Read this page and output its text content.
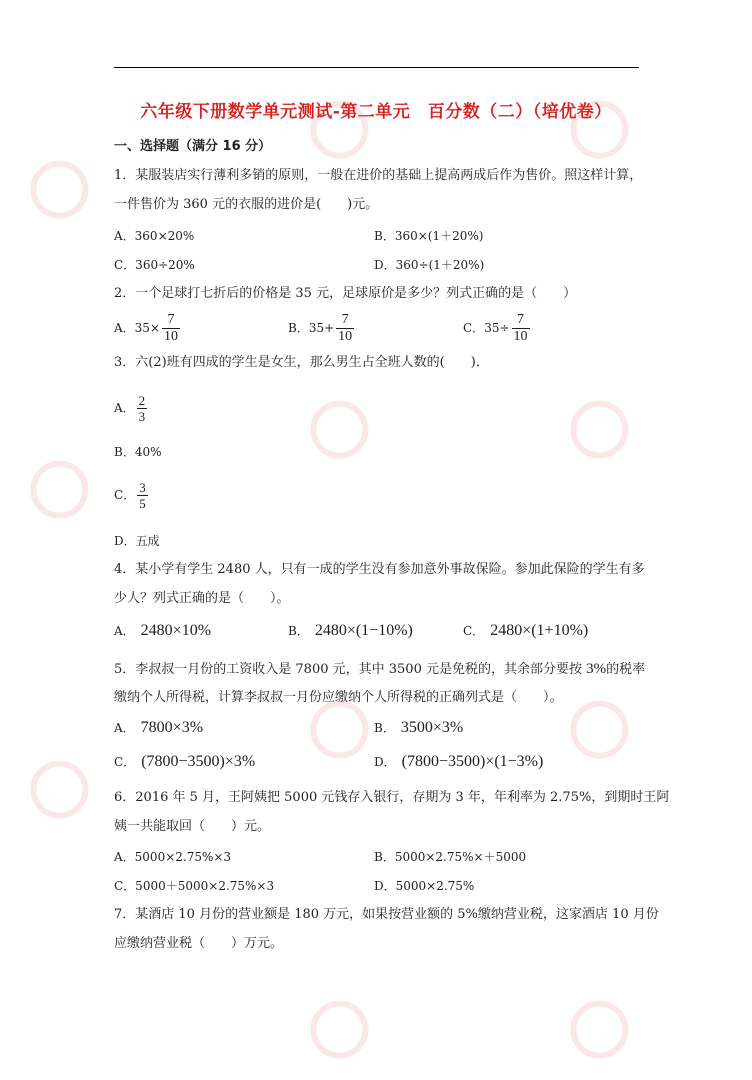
六年级下册数学单元测试-第二单元　百分数（二）（培优卷）
一、选择题（满分 16 分）
1．某服装店实行薄利多销的原则，一般在进价的基础上提高两成后作为售价。照这样计算，
一件售价为 360 元的衣服的进价是(　　)元。
A．360×20%	B．360×(1＋20%)
C．360÷20%	D．360÷(1＋20%)
2．一个足球打七折后的价格是 35 元，足球原价是多少？列式正确的是（　　）
A． $35\times \frac{7}{10}$	B． $35+ \frac{7}{10}$	C． $35\div \frac{7}{10}$
3．六(2)班有四成的学生是女生，那么男生占全班人数的(　　)．
A． $\frac{2}{3}$
B．40%
C． $\frac{3}{5}$
D．五成
4．某小学有学生 2480 人，只有一成的学生没有参加意外事故保险。参加此保险的学生有多
少人？列式正确的是（　　）。
A． 2480×10%	B． 2480×(1−10%)	C． 2480×(1+10%)
5．李叔叔一月份的工资收入是 7800 元，其中 3500 元是免税的，其余部分要按 3%的税率
缴纳个人所得税，计算李叔叔一月份应缴纳个人所得税的正确列式是（　　）。
A． 7800×3%	B． 3500×3%
C． (7800−3500)×3%	D． (7800−3500)×(1−3%)
6．2016 年 5 月，王阿姨把 5000 元钱存入银行，存期为 3 年，年利率为 2.75%，到期时王阿
姨一共能取回（　　）元。
A．5000×2.75%×3	B．5000×2.75%×＋5000
C．5000＋5000×2.75%×3	D．5000×2.75%
7．某酒店 10 月份的营业额是 180 万元，如果按营业额的 5%缴纳营业税，这家酒店 10 月份
应缴纳营业税（　　）万元。
